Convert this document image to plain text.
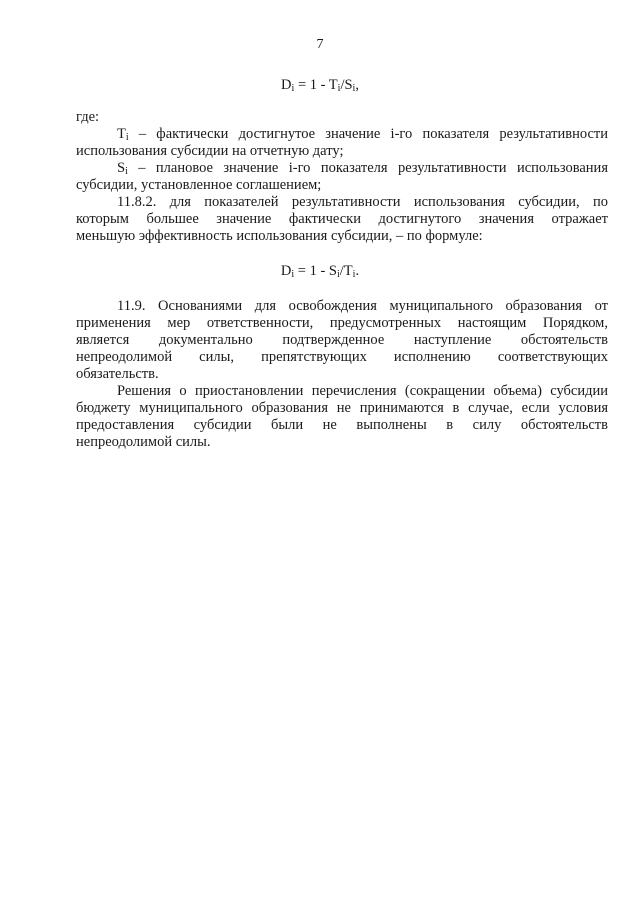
7
$D_i = 1 - T_i/S_i$,
где:
$T_i$ – фактически достигнутое значение i-го показателя результативности
использования субсидии на отчетную дату;
$S_i$ – плановое значение i-го показателя результативности использования
субсидии, установленное соглашением;
11.8.2. для показателей результативности использования субсидии, по
которым большее значение фактически достигнутого значения отражает
меньшую эффективность использования субсидии, – по формуле:
$D_i = 1 - S_i/T_i$.
11.9. Основаниями для освобождения муниципального образования от
применения мер ответственности, предусмотренных настоящим Порядком,
является документально подтвержденное наступление обстоятельств
непреодолимой силы, препятствующих исполнению соответствующих
обязательств.
Решения о приостановлении перечисления (сокращении объема) субсидии
бюджету муниципального образования не принимаются в случае, если условия
предоставления субсидии были не выполнены в силу обстоятельств
непреодолимой силы.
